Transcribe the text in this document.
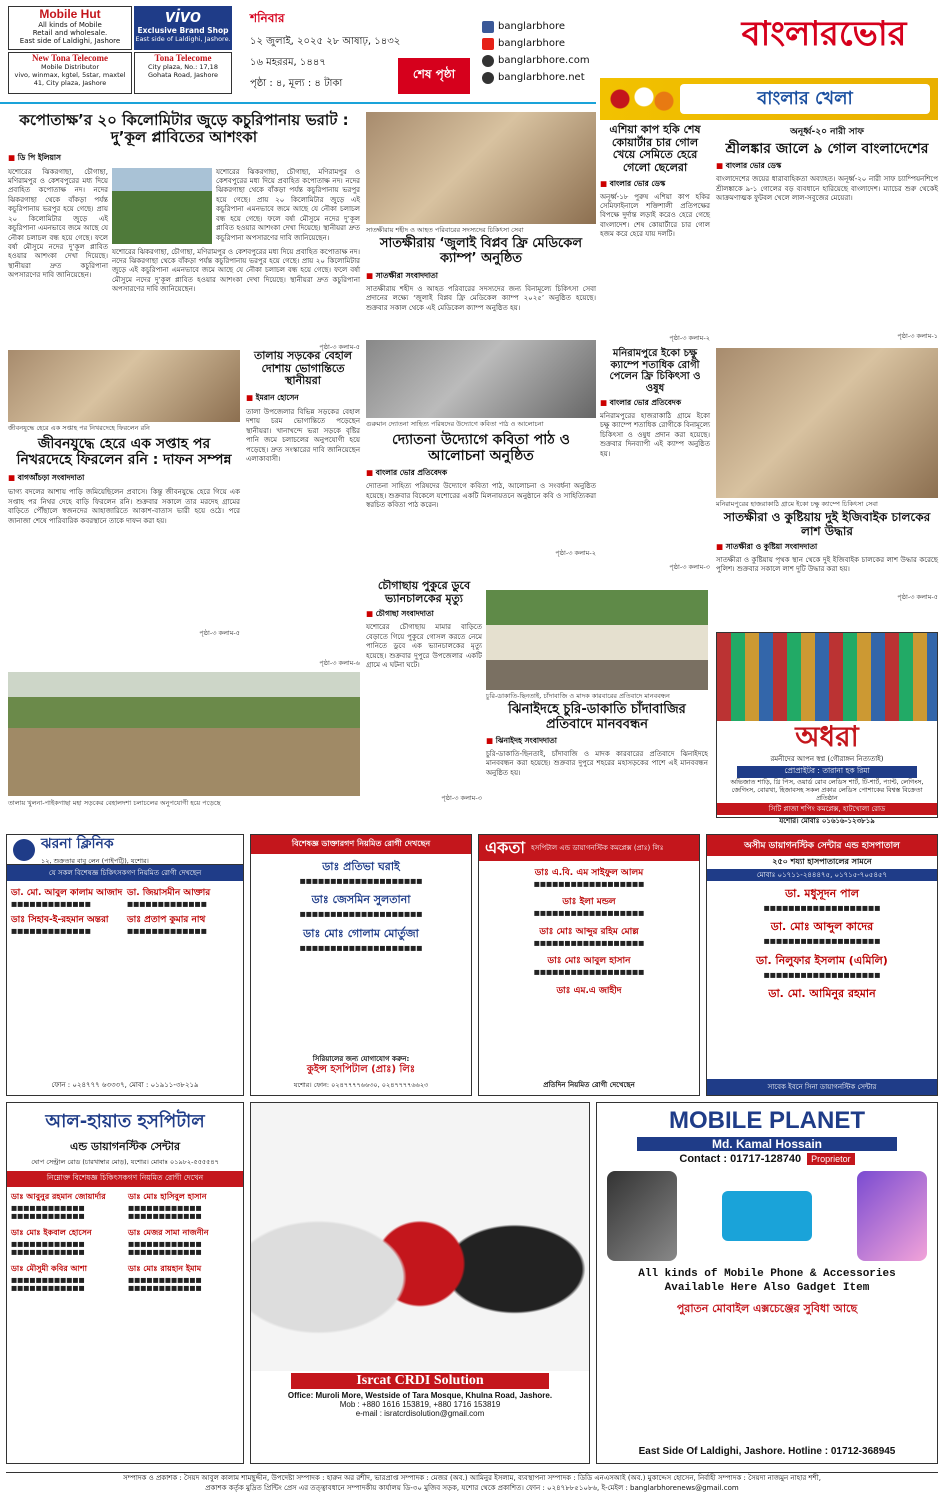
Mobile Hut
All kinds of Mobile
Retail and wholesale.
East side of Laldighi, Jashore
vivo
Exclusive Brand Shop
East side of Laldighi, Jashore.
New Tona Telecome
Mobile Distributor
vivo, winmax, kgtel, 5star, maxtel
41, City plaza, Jashore
Tona Telecome
City plaza, No.: 17,18
Gohata Road, Jashore
শনিবার
১২ জুলাই, ২০২৫ ২৮ আষাঢ়, ১৪৩২
১৬ মহররম, ১৪৪৭
পৃষ্ঠা : ৪, মূল্য : ৪ টাকা
শেষ পৃষ্ঠা
banglarbhore
banglarbhore
banglarbhore.com
banglarbhore.net
বাংলারভোর
বাংলার খেলা
কপোতাক্ষ’র ২০ কিলোমিটার জুড়ে কচুরিপানায় ভরাট : দু’কূল প্লাবিতের আশংকা
■ ডি পি ইলিয়াস
যশোরের ঝিকরগাছা, চৌগাছা, মণিরামপুর ও কেশবপুরের মধ্য দিয়ে প্রবাহিত কপোতাক্ষ নদ। নদের ঝিকরগাছা থেকে বাঁকড়া পর্যন্ত কচুরিপানায় ভরপুর হয়ে গেছে। প্রায় ২০ কিলোমিটার জুড়ে এই কচুরিপানা এমনভাবে জমে আছে যে নৌকা চলাচল বন্ধ হয়ে গেছে। ফলে বর্ষা মৌসুমে নদের দু’কূল প্লাবিত হওয়ার আশংকা দেখা দিয়েছে। স্থানীয়রা দ্রুত কচুরিপানা অপসারণের দাবি জানিয়েছেন।
যশোরের ঝিকরগাছা, চৌগাছা, মণিরামপুর ও কেশবপুরের মধ্য দিয়ে প্রবাহিত কপোতাক্ষ নদ। নদের ঝিকরগাছা থেকে বাঁকড়া পর্যন্ত কচুরিপানায় ভরপুর হয়ে গেছে। প্রায় ২০ কিলোমিটার জুড়ে এই কচুরিপানা এমনভাবে জমে আছে যে নৌকা চলাচল বন্ধ হয়ে গেছে। ফলে বর্ষা মৌসুমে নদের দু’কূল প্লাবিত হওয়ার আশংকা দেখা দিয়েছে। স্থানীয়রা দ্রুত কচুরিপানা অপসারণের দাবি জানিয়েছেন।
যশোরের ঝিকরগাছা, চৌগাছা, মণিরামপুর ও কেশবপুরের মধ্য দিয়ে প্রবাহিত কপোতাক্ষ নদ। নদের ঝিকরগাছা থেকে বাঁকড়া পর্যন্ত কচুরিপানায় ভরপুর হয়ে গেছে। প্রায় ২০ কিলোমিটার জুড়ে এই কচুরিপানা এমনভাবে জমে আছে যে নৌকা চলাচল বন্ধ হয়ে গেছে। ফলে বর্ষা মৌসুমে নদের দু’কূল প্লাবিত হওয়ার আশংকা দেখা দিয়েছে। স্থানীয়রা দ্রুত কচুরিপানা অপসারণের দাবি জানিয়েছেন।
পৃষ্ঠা-৩ কলাম-৫
জীবনযুদ্ধে হেরে এক সপ্তাহ পর নিখরদেহে ফিরলেন রনি
জীবনযুদ্ধে হেরে এক সপ্তাহ পর নিখরদেহে ফিরলেন রনি : দাফন সম্পন্ন
■ বাগআঁচড়া সংবাদদাতা
ভাগ্য বদলের আশায় পাড়ি জমিয়েছিলেন প্রবাসে। কিন্তু জীবনযুদ্ধে হেরে গিয়ে এক সপ্তাহ পর নিথর দেহে বাড়ি ফিরলেন রনি। শুক্রবার সকালে তার মরদেহ গ্রামের বাড়িতে পৌঁছালে স্বজনদের আহাজারিতে আকাশ-বাতাস ভারী হয়ে ওঠে। পরে জানাজা শেষে পারিবারিক কবরস্থানে তাকে দাফন করা হয়।
পৃষ্ঠা-৩ কলাম-৫
তালায় সড়কের বেহাল দোশায় ভোগান্তিতে স্থানীয়রা
■ ইমরান হোসেন
তালা উপজেলার বিভিন্ন সড়কের বেহাল দশায় চরম ভোগান্তিতে পড়েছেন স্থানীয়রা। খানাখন্দে ভরা সড়কে বৃষ্টির পানি জমে চলাচলের অনুপযোগী হয়ে পড়েছে। দ্রুত সংস্কারের দাবি জানিয়েছেন এলাকাবাসী।
পৃষ্ঠা-৩ কলাম-৬
তালায় খুলনা-পাইকগাছা মহা সড়কের বেহালদশা চলাচলের অনুপযোগী হয়ে পড়েছে
সাতক্ষীরায় শহীদ ও আহত পরিবারের সদস্যদের চিকিৎসা সেবা
সাতক্ষীরায় ‘জুলাই বিপ্লব ফ্রি মেডিকেল ক্যাম্প’ অনুষ্ঠিত
■ সাতক্ষীরা সংবাদদাতা
সাতক্ষীরায় শহীদ ও আহত পরিবারের সদস্যদের জন্য বিনামূল্যে চিকিৎসা সেবা প্রদানের লক্ষ্যে ‘জুলাই বিপ্লব ফ্রি মেডিকেল ক্যাম্প ২০২৫’ অনুষ্ঠিত হয়েছে। শুক্রবার সকাল থেকে এই মেডিকেল ক্যাম্প অনুষ্ঠিত হয়।
গুরুমান দ্যোতনা সাহিত্য পরিষদের উদ্যোগে কবিতা পাঠ ও আলোচনা
দ্যোতনা উদ্যোগে কবিতা পাঠ ও আলোচনা অনুষ্ঠিত
■ বাংলার ভোর প্রতিবেদক
দ্যোতনা সাহিত্য পরিষদের উদ্যোগে কবিতা পাঠ, আলোচনা ও সংবর্ধনা অনুষ্ঠিত হয়েছে। শুক্রবার বিকেলে যশোরের একটি মিলনায়তনে অনুষ্ঠানে কবি ও সাহিত্যিকরা স্বরচিত কবিতা পাঠ করেন।
পৃষ্ঠা-৩ কলাম-২
চৌগাছায় পুকুরে ডুবে ভ্যানচালকের মৃত্যু
■ চৌগাছা সংবাদদাতা
যশোরের চৌগাছায় মামার বাড়িতে বেড়াতে গিয়ে পুকুরে গোসল করতে নেমে পানিতে ডুবে এক ভ্যানচালকের মৃত্যু হয়েছে। শুক্রবার দুপুরে উপজেলার একটি গ্রামে এ ঘটনা ঘটে।
পৃষ্ঠা-৩ কলাম-৩
চুরি-ডাকাতি-ছিনতাই, চাঁদাবাজি ও মাদক কারবারের প্রতিবাদে মানববন্ধন
ঝিনাইদহে চুরি-ডাকাতি চাঁদাবাজির প্রতিবাদে মানববন্ধন
■ ঝিনাইদহ সংবাদদাতা
চুরি-ডাকাতি-ছিনতাই, চাঁদাবাজি ও মাদক কারবারের প্রতিবাদে ঝিনাইদহে মানববন্ধন করা হয়েছে। শুক্রবার দুপুরে শহরের মহাসড়কের পাশে এই মানববন্ধন অনুষ্ঠিত হয়।
এশিয়া কাপ হকি শেষ কোয়ার্টার চার গোল খেয়ে সেমিতে হেরে গেলো ছেলেরা
■ বাংলার ভোর ডেস্ক
অনূর্ধ্ব-১৮ পুরুষ এশিয়া কাপ হকির সেমিফাইনালে শক্তিশালী প্রতিপক্ষের বিপক্ষে দুর্দান্ত লড়াই করেও হেরে গেছে বাংলাদেশ। শেষ কোয়ার্টারে চার গোল হজম করে হেরে যায় দলটি।
পৃষ্ঠা-৩ কলাম-২
অনূর্ধ্ব-২০ নারী সাফ
শ্রীলঙ্কার জালে ৯ গোল বাংলাদেশের
■ বাংলার ভোর ডেস্ক
বাংলাদেশের জয়ের ধারাবাহিকতা অব্যাহত। অনূর্ধ্ব-২০ নারী সাফ চ্যাম্পিয়নশিপে শ্রীলঙ্কাকে ৯-১ গোলের বড় ব্যবধানে হারিয়েছে বাংলাদেশ। ম্যাচের শুরু থেকেই আক্রমণাত্মক ফুটবল খেলে লাল-সবুজের মেয়েরা।
পৃষ্ঠা-৩ কলাম-১
মনিরামপুরে ইকো চক্ষু ক্যাম্পে শতাধিক রোগী পেলেন ফ্রি চিকিৎসা ও ওষুধ
■ বাংলার ভোর প্রতিবেদক
মনিরামপুরের হাজরাকাঠি গ্রামে ইকো চক্ষু ক্যাম্পে শতাধিক রোগীকে বিনামূল্যে চিকিৎসা ও ওষুধ প্রদান করা হয়েছে। শুক্রবার দিনব্যাপী এই ক্যাম্প অনুষ্ঠিত হয়।
পৃষ্ঠা-৩ কলাম-৩
মনিরামপুরের হাজরাকাঠি গ্রামে ইকো চক্ষু ক্যাম্পে চিকিৎসা সেবা
সাতক্ষীরা ও কুষ্টিয়ায় দুই ইজিবাইক চালকের লাশ উদ্ধার
■ সাতক্ষীরা ও কুষ্টিয়া সংবাদদাতা
সাতক্ষীরা ও কুষ্টিয়ায় পৃথক স্থান থেকে দুই ইজিবাইক চালকের লাশ উদ্ধার করেছে পুলিশ। শুক্রবার সকালে লাশ দুটি উদ্ধার করা হয়।
পৃষ্ঠা-৩ কলাম-৫
অধরা
রমনীদের আপন স্বপ্ন (গৌরাঙ্গন নিত্যতাই)
প্রোপ্রাইটর : তারানা হক রিমা
অভিজাত শাড়ি, থ্রি পিস, ওয়ার্ড রোব লেডিস শার্ট, টি-শার্ট, প্যান্ট, লেগিংস, জেগিংস, বোরখা, হিজাবসহ সকল প্রকার লেডিস পোশাকের বিশ্বস্ত বিক্রেতা প্রতিষ্ঠান
সিটি প্লাজা শপিং কমপ্লেক্স, হাটখোলা রোড
যশোর। মোবাঃ ০১৬১৬-১২৩৮১৯
ঝরনা ক্লিনিক
১২, শুক্রতার বাবু লেন (পাইপট্টি), যশোর।
যে সকল বিশেষজ্ঞ চিকিৎসকগণ নিয়মিত রোগী দেখছেন
ডা. মো. আবুল কালাম আজাদ
■■■■■■■■■■■■■
ডা. জিয়াসমীন আক্তার
■■■■■■■■■■■■■
ডাঃ সিহাব-ই-রহমান অন্তরা
■■■■■■■■■■■■■
ডাঃ প্রতাপ কুমার নাথ
■■■■■■■■■■■■■
ফোন : ০২৪৭৭৭ ৬৩৩৩৭, মোবা : ০১৯১১-৩৮২১৯
বিশেষজ্ঞ ডাক্তারগণ নিয়মিত রোগী দেখছেন
ডাঃ প্রতিভা ঘরাই
■■■■■■■■■■■■■■■■■■■■
ডাঃ জেসমিন সুলতানা
■■■■■■■■■■■■■■■■■■■■
ডাঃ মোঃ গোলাম মোর্তুজা
■■■■■■■■■■■■■■■■■■■■
সিরিয়ালের জন্য যোগাযোগ করুন:
কুইন্স হসপিটাল (প্রাঃ) লিঃ
যশোর। ফোন: ০২৪৭৭৭৭৬৬৩০, ০২৪৭৭৭৭৬৬২৩
একতা হসপিটাল এন্ড ডায়াগনস্টিক কমপ্লেক্স (প্রাঃ) লিঃ
ডাঃ এ.বি. এম সাইফুল আলম
■■■■■■■■■■■■■■■■■■
ডাঃ ইলা মন্ডল
■■■■■■■■■■■■■■■■■■
ডাঃ মোঃ আব্দুর রহিম মোল্ল
■■■■■■■■■■■■■■■■■■
ডাঃ মোঃ আবুল হাসান
■■■■■■■■■■■■■■■■■■
ডাঃ এম.এ জাহীদ
প্রতিদিন নিয়মিত রোগী দেখেছেন
অসীম ডায়াগনস্টিক সেন্টার এন্ড হাসপাতাল
২৫০ শয্যা হাসপাতালের সামনে
মোবাঃ ০১৭১১-২৪৪৪৭৫, ০১৭১৫-৭০৫৪৫৭
ডা. মধুসূদন পাল
■■■■■■■■■■■■■■■■■■■
ডা. মোঃ আব্দুল কাদের
■■■■■■■■■■■■■■■■■■■
ডা. নিলুফার ইসলাম (এমিলি)
■■■■■■■■■■■■■■■■■■■
ডা. মো. আমিনুর রহমান
সাবেক ইবনে সিনা ডায়াগনস্টিক সেন্টার
আল-হায়াত হসপিটাল
এন্ড ডায়াগনস্টিক সেন্টার
ঘোপ সেন্ট্রাল রোড (চারখাম্বার মোড়), যশোর। মোবাঃ ০১৯৮২-৫৫৫৫৪৭
নিম্নোক্ত বিশেষজ্ঞ চিকিৎসকগণ নিয়মিত রোগী দেখেন
ডাঃ আবুনুর রহমান জোয়ার্দার
■■■■■■■■■■■■
■■■■■■■■■■■■
ডাঃ মোঃ হাসিবুল হাসান
■■■■■■■■■■■■
■■■■■■■■■■■■
ডাঃ মোঃ ইকবাল হোসেন
■■■■■■■■■■■■
■■■■■■■■■■■■
ডাঃ মেজর সামা নাজনীন
■■■■■■■■■■■■
■■■■■■■■■■■■
ডাঃ মৌসুমী কবির আশা
■■■■■■■■■■■■
■■■■■■■■■■■■
ডাঃ মোঃ রায়হান ইমাম
■■■■■■■■■■■■
■■■■■■■■■■■■
Isrcat CRDI Solution
Office: Muroli More, Westside of Tara Mosque, Khulna Road, Jashore.
Mob : +880 1616 153819, +880 1716 153819
e-mail : isratcrdisolution@gmail.com
MOBILE PLANET
Md. Kamal Hossain
Contact : 01717-128740	Proprietor
All kinds of Mobile Phone & Accessories Available Here Also Gadget Item
পুরাতন মোবাইল এক্সচেঞ্জের সুবিধা আছে
East Side Of Laldighi, Jashore. Hotline : 01712-368945
সম্পাদক ও প্রকাশক : সৈয়দ আবুল কালাম শামছুদ্দীন, উপদেষ্টা সম্পাদক : হারুন অর রশীদ, ভারপ্রাপ্ত সম্পাদক : মেজর (অব.) আমিনুর ইসলাম, ব্যবস্থাপনা সম্পাদক : ডিডি এনএসআই (অব.) মুকাদ্দেস হোসেন, নির্বাহী সম্পাদক : সৈয়দা নাজমুন নাহার শশী,
প্রকাশক কর্তৃক মুদ্রিত প্রিন্টিং প্রেস এর তত্ত্বাবধানে সম্পাদকীয় কার্যালয় ডি-৩০ মুজিব সড়ক, যশোর থেকে প্রকাশিত। ফোন : ০২৪৭৮৮৫১০৮৬, ই-মেইল : banglarbhorenews@gmail.com
